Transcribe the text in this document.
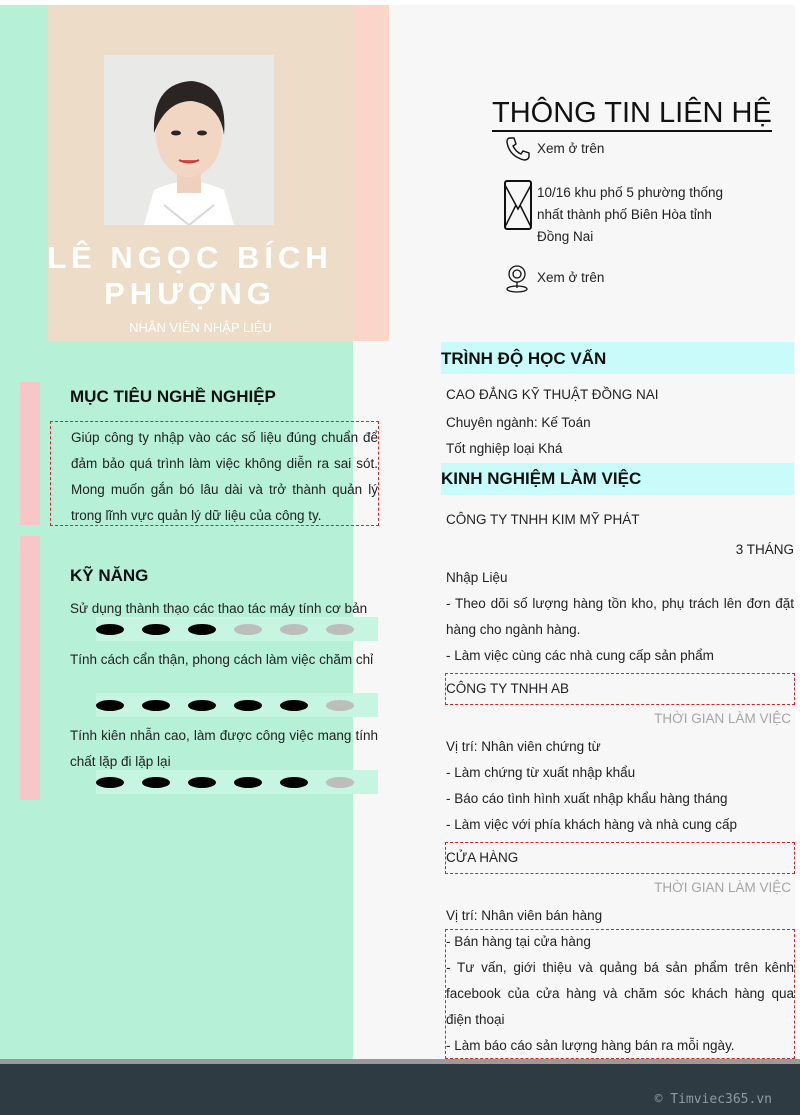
LÊ NGỌC BÍCH PHƯỢNG
NHÂN VIÊN NHẬP LIỆU
MỤC TIÊU NGHỀ NGHIỆP
Giúp công ty nhập vào các số liệu đúng chuẩn để đảm bảo quá trình làm việc không diễn ra sai sót. Mong muốn gắn bó lâu dài và trở thành quản lý trong lĩnh vực quản lý dữ liệu của công ty.
KỸ NĂNG
Sử dụng thành thạo các thao tác máy tính cơ bản
Tính cách cẩn thận, phong cách làm việc chăm chỉ
Tính kiên nhẫn cao, làm được công việc mang tính chất lặp đi lặp lại
THÔNG TIN LIÊN HỆ
Xem ở trên
10/16 khu phố 5 phường thống nhất thành phố Biên Hòa tỉnh Đồng Nai
Xem ở trên
TRÌNH ĐỘ HỌC VẤN
CAO ĐẲNG KỸ THUẬT ĐỒNG NAI
Chuyên ngành: Kế Toán
Tốt nghiệp loại Khá
KINH NGHIỆM LÀM VIỆC
CÔNG TY TNHH KIM MỸ PHÁT
3 THÁNG
Nhập Liệu
- Theo dõi số lượng hàng tồn kho, phụ trách lên đơn đặt hàng cho ngành hàng.
- Làm việc cùng các nhà cung cấp sản phẩm
CÔNG TY TNHH AB
THỜI GIAN LÀM VIỆC
Vị trí: Nhân viên chứng từ
- Làm chứng từ xuất nhập khẩu
- Báo cáo tình hình xuất nhập khẩu hàng tháng
- Làm việc với phía khách hàng và nhà cung cấp
CỬA HÀNG
THỜI GIAN LÀM VIỆC
Vị trí: Nhân viên bán hàng
- Bán hàng tại cửa hàng
- Tư vấn, giới thiệu và quảng bá sản phẩm trên kênh facebook của cửa hàng và chăm sóc khách hàng qua điện thoại
- Làm báo cáo sản lượng hàng bán ra mỗi ngày.
© Timviec365.vn
